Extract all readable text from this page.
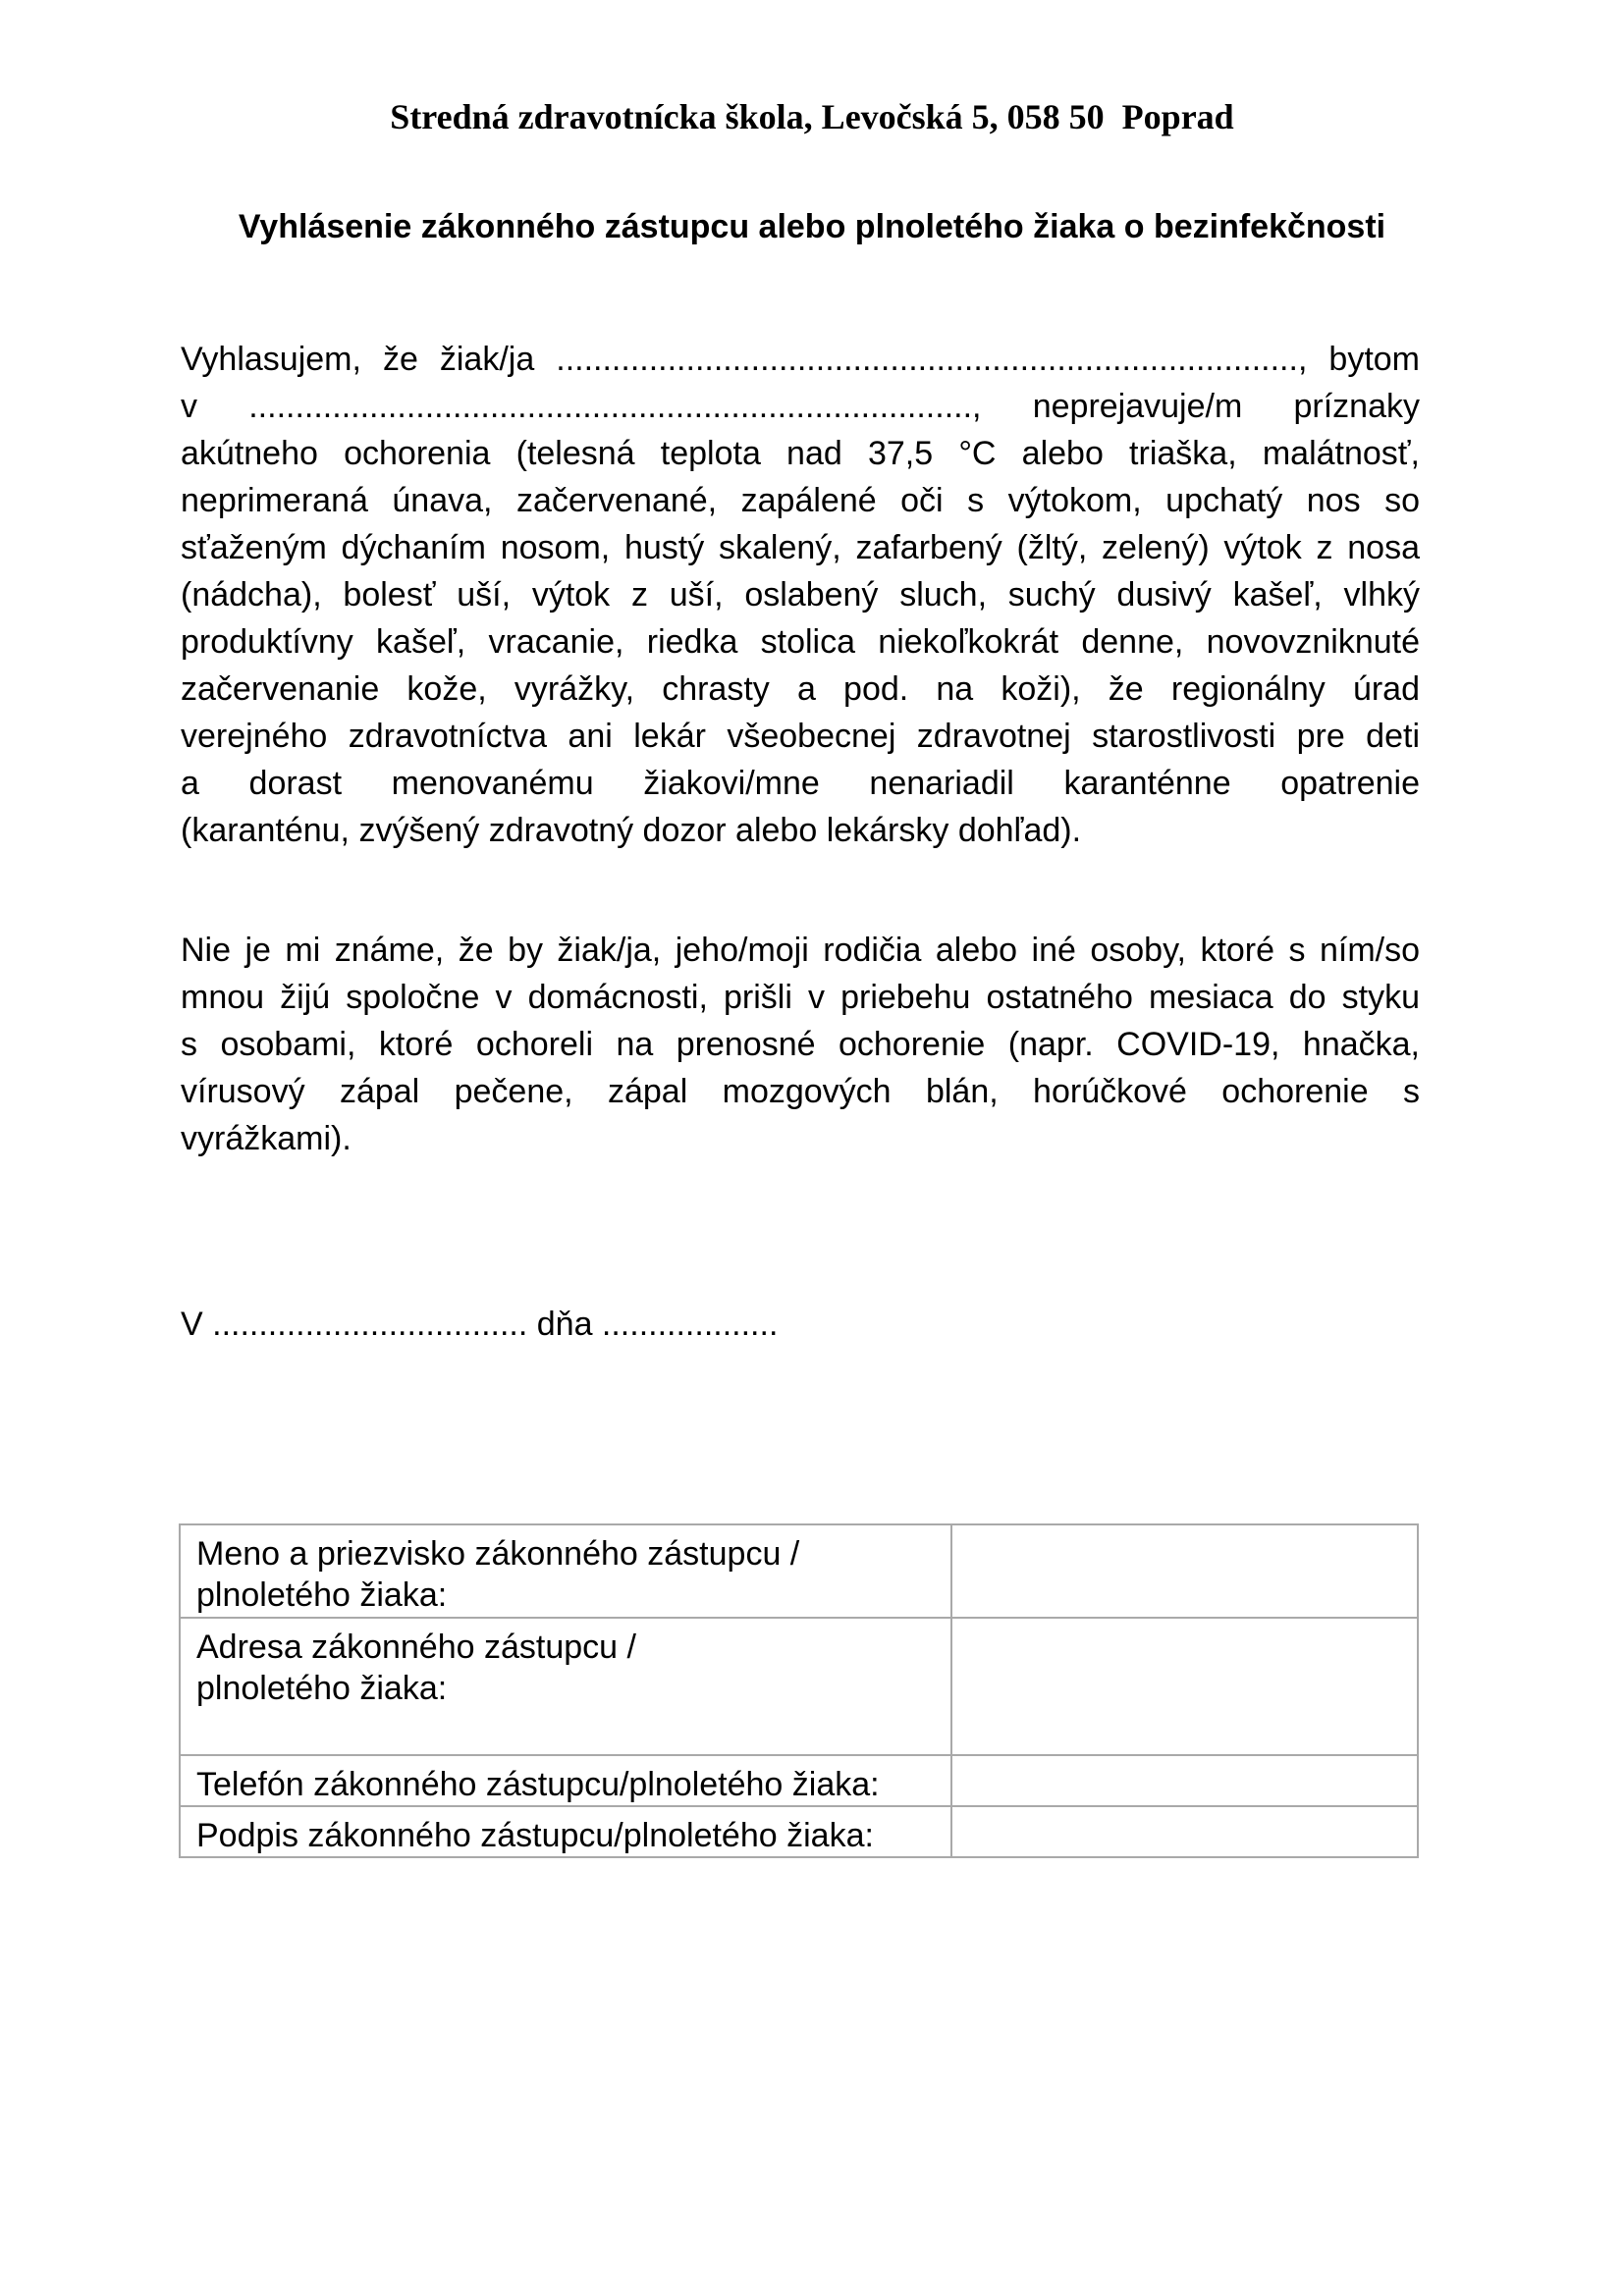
Stredná zdravotnícka škola, Levočská 5, 058 50  Poprad
Vyhlásenie zákonného zástupcu alebo plnoletého žiaka o bezinfekčnosti
Vyhlasujem, že žiak/ja ................................................................................, bytom
v .............................................................................., neprejavuje/m príznaky
akútneho ochorenia (telesná teplota nad 37,5 °C alebo triaška, malátnosť,
neprimeraná únava, začervenané, zapálené oči s výtokom, upchatý nos so
sťaženým dýchaním nosom, hustý skalený, zafarbený (žltý, zelený) výtok z nosa
(nádcha), bolesť uší, výtok z uší, oslabený sluch, suchý dusivý kašeľ, vlhký
produktívny kašeľ, vracanie, riedka stolica niekoľkokrát denne, novovzniknuté
začervenanie kože, vyrážky, chrasty a pod. na koži), že regionálny úrad
verejného zdravotníctva ani lekár všeobecnej zdravotnej starostlivosti pre deti
a dorast menovanému žiakovi/mne nenariadil karanténne opatrenie
(karanténu, zvýšený zdravotný dozor alebo lekársky dohľad).
Nie je mi známe, že by žiak/ja, jeho/moji rodičia alebo iné osoby, ktoré s ním/so
mnou žijú spoločne v domácnosti, prišli v priebehu ostatného mesiaca do styku
s osobami, ktoré ochoreli na prenosné ochorenie (napr. COVID-19, hnačka,
vírusový zápal pečene, zápal mozgových blán, horúčkové ochorenie s
vyrážkami).
V .................................. dňa ...................
Meno a priezvisko zákonného zástupcu /
plnoletého žiaka:	

Adresa zákonného zástupcu /
plnoletého žiaka:	

Telefón zákonného zástupcu/plnoletého žiaka:	

Podpis zákonného zástupcu/plnoletého žiaka:	
